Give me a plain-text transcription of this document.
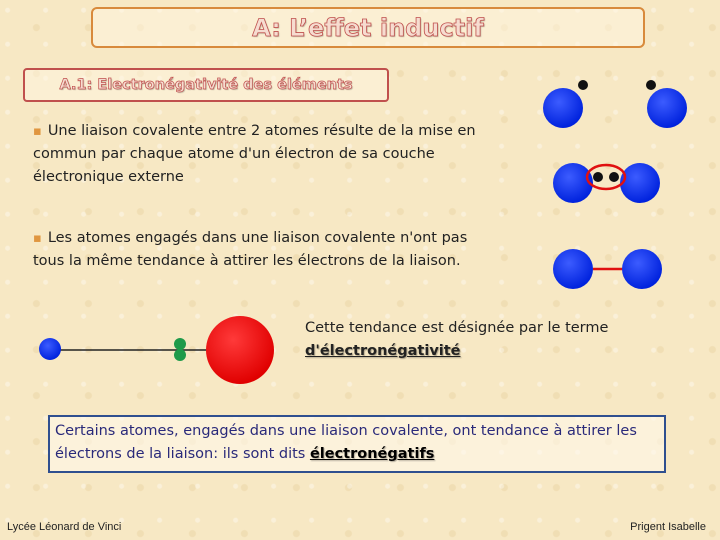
A: L’effet inductif
A.1: Electronégativité des éléments
▪ Une liaison covalente entre 2 atomes résulte de la mise en commun par chaque atome d'un électron de sa couche électronique externe
▪ Les atomes engagés dans une liaison covalente n'ont pas tous la même tendance à attirer les électrons de la liaison.
Cette tendance est désignée par le terme
d'électronégativité
Certains atomes, engagés dans une liaison covalente, ont tendance à attirer les électrons de la liaison: ils sont dits électronégatifs
Lycée Léonard de Vinci	Prigent Isabelle
